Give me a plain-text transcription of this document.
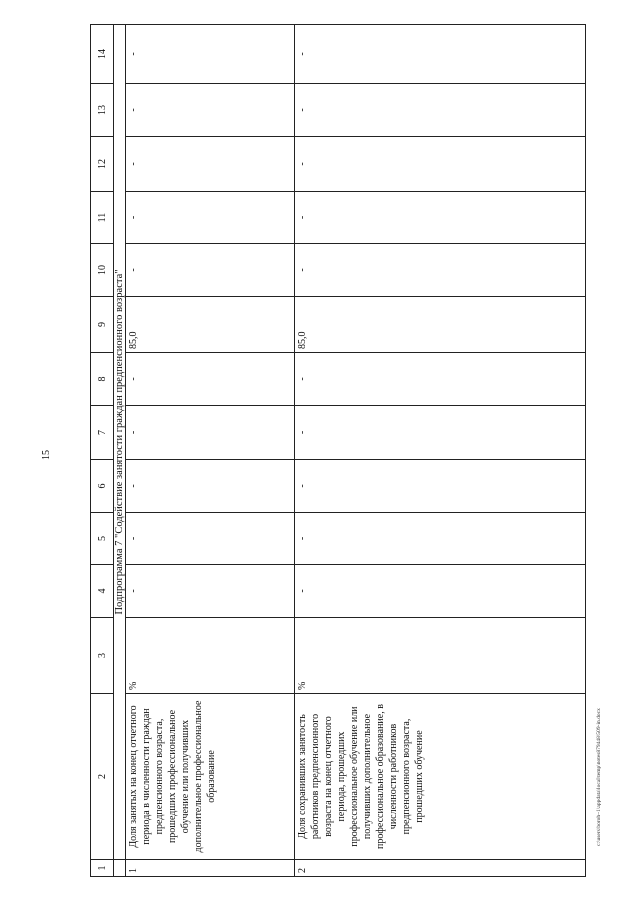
15
1	2	3	4	5	6	7	8	9	10	11	12	13	14
	Подпрограмма 7 "Содействие занятости граждан предпенсионного возраста"												
1	Доля занятых на конец отчетного периода в численности граждан предпенсионного возраста, прошедших профессиональное обучение или получивших дополнительное профессиональное образование	%	-	-	-	-	-	85,0	-	-	-	-	-
2	Доля сохранивших занятость работников предпенсионного возраста на конец отчетного периода, прошедших профессиональное обучение или получивших дополнительное профессиональное образование, в численности работников предпенсионного возраста, прошедших обучение	%	-	-	-	-	-	85,0	-	-	-	-	-
c:\users\boroh~1\appdata\local\temp\notes879448\509-in.docx
